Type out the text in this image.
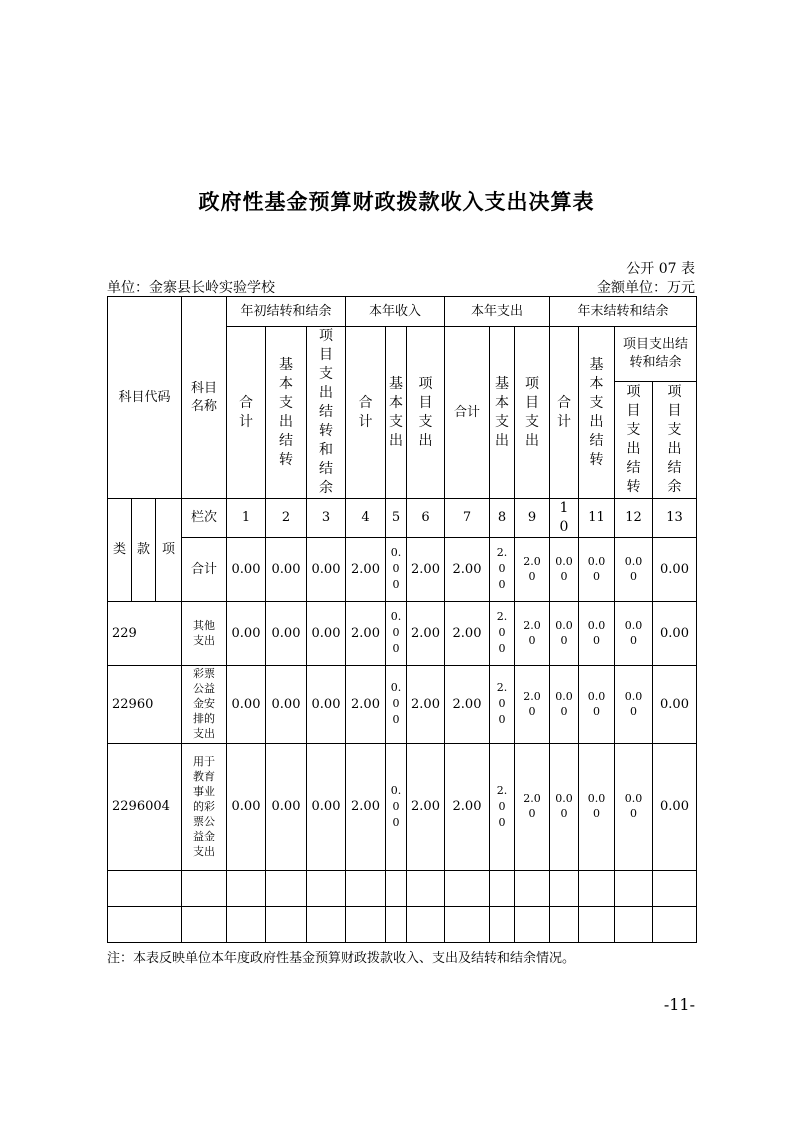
政府性基金预算财政拨款收入支出决算表
公开 07 表
单位：金寨县长岭实验学校	金额单位：万元
科目代码			科目名称	年初结转和结余			本年收入			本年支出			年末结转和结余			
				合计	基本支出结转	项目支出结转和结余	合计	基本支出	项目支出	合计	基本支出	项目支出	合计	基本支出结转	项目支出结转和结余	
															项目支出结转	项目支出结余
类	款	项	栏次	1	2	3	4	5	6	7	8	9	10	11	12	13
			合计	0.00	0.00	0.00	2.00	0.00	2.00	2.00	2.00	2.00	0.00	0.00	0.00	0.00
229			其他支出	0.00	0.00	0.00	2.00	0.00	2.00	2.00	2.00	2.00	0.00	0.00	0.00	0.00
22960			彩票公益金安排的支出	0.00	0.00	0.00	2.00	0.00	2.00	2.00	2.00	2.00	0.00	0.00	0.00	0.00
2296004			用于教育事业的彩票公益金支出	0.00	0.00	0.00	2.00	0.00	2.00	2.00	2.00	2.00	0.00	0.00	0.00	0.00

注：本表反映单位本年度政府性基金预算财政拨款收入、支出及结转和结余情况。
-11-
